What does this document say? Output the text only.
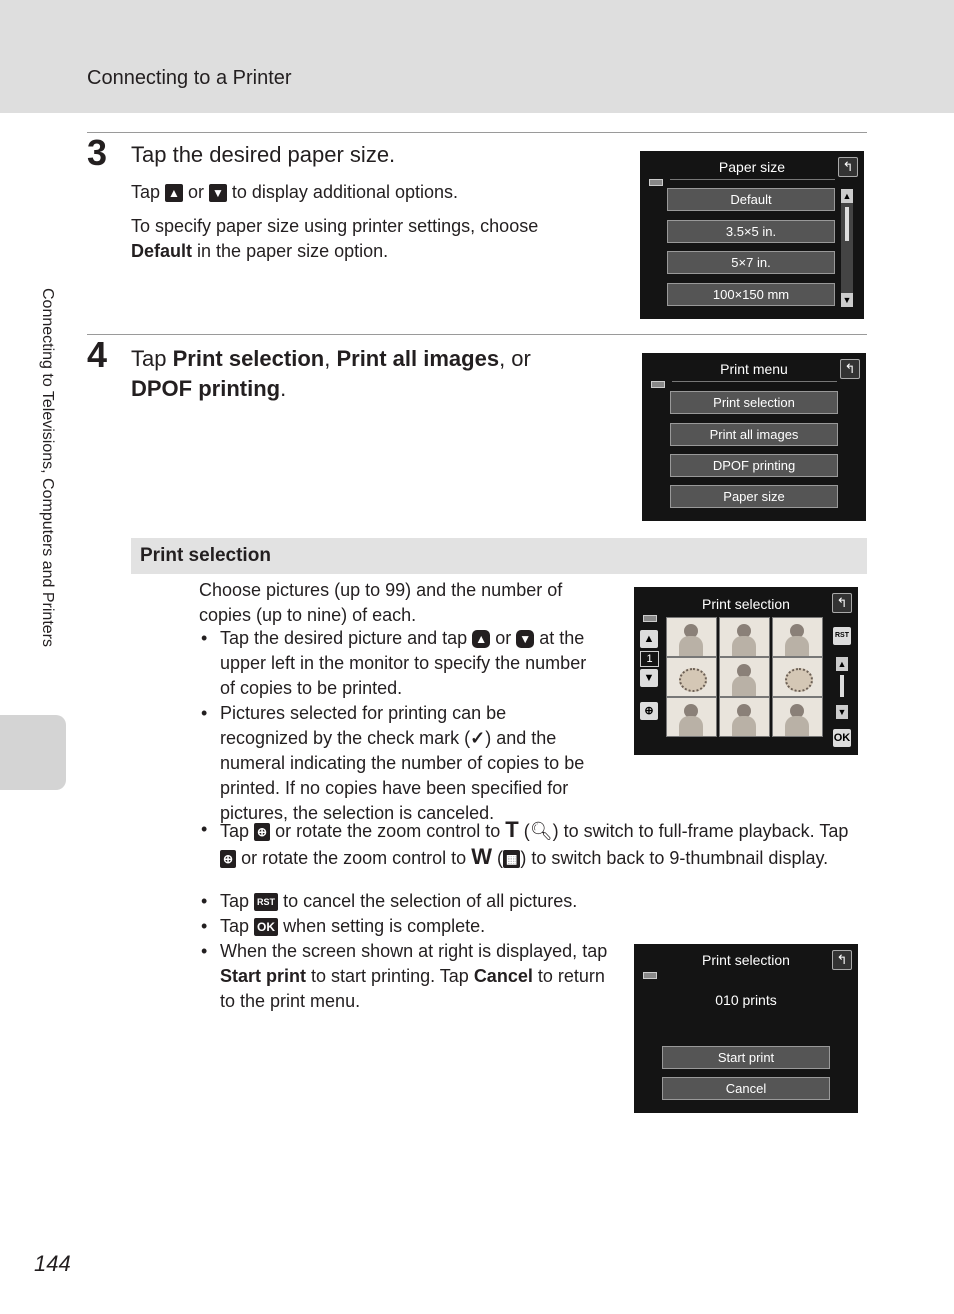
Connecting to a Printer
Connecting to Televisions, Computers and Printers
3 Tap the desired paper size.

Tap ▲ or ▼ to display additional options.

To specify paper size using printer settings, choose Default in the paper size option.

Paper size	↰
Default
3.5×5 in.
5×7 in.
100×150 mm
▲
▼
4 Tap Print selection, Print all images, or DPOF printing.
Print menu	↰
Print selection
Print all images
DPOF printing
Paper size
Print selection

Choose pictures (up to 99) and the number of copies (up to nine) of each.

• Tap the desired picture and tap ▲ or ▼ at the upper left in the monitor to specify the number of copies to be printed.
• Pictures selected for printing can be recognized by the check mark (✓) and the numeral indicating the number of copies to be printed. If no copies have been specified for pictures, the selection is canceled.
• Tap ⊕ or rotate the zoom control to T (🔍︎) to switch to full-frame playback. Tap ⊕ or rotate the zoom control to W ( ▦ ) to switch back to 9-thumbnail display.
• Tap RST to cancel the selection of all pictures.
• Tap OK when setting is complete.
• When the screen shown at right is displayed, tap Start print to start printing. Tap Cancel to return to the print menu.
Print selection	↰
▲
1
▼
⊕
RST
▲
▼
OK
Print selection	↰
010 prints
Start print
Cancel
144
